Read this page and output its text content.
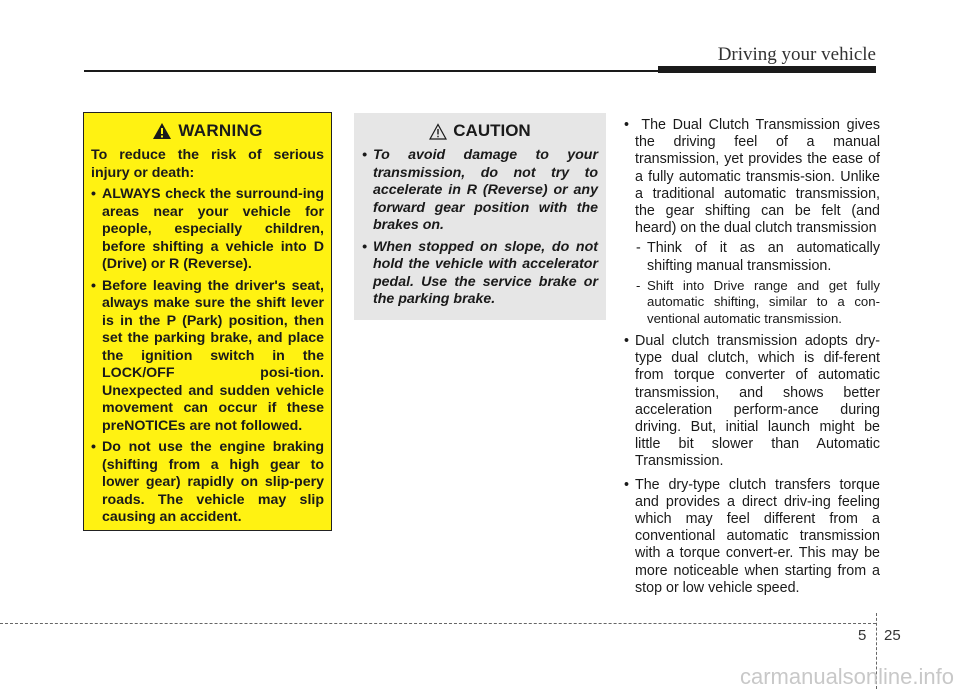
Driving your vehicle
WARNING

To reduce the risk of serious injury or death:

• ALWAYS check the surround-ing areas near your vehicle for people, especially children, before shifting a vehicle into D (Drive) or R (Reverse).
• Before leaving the driver's seat, always make sure the shift lever is in the P (Park) position, then set the parking brake, and place the ignition switch in the LOCK/OFF posi-tion. Unexpected and sudden vehicle movement can occur if these preNOTICEs are not followed.
• Do not use the engine braking (shifting from a high gear to lower gear) rapidly on slip-pery roads. The vehicle may slip causing an accident.
CAUTION
• To avoid damage to your transmission, do not try to accelerate in R (Reverse) or any forward gear position with the brakes on.
• When stopped on slope, do not hold the vehicle with accelerator pedal. Use the service brake or the parking brake.
• The Dual Clutch Transmission gives the driving feel of a manual transmission, yet provides the ease of a fully automatic transmis-sion. Unlike a traditional automatic transmission, the gear shifting can be felt (and heard) on the dual clutch transmission
- Think of it as an automatically shifting manual transmission.
- Shift into Drive range and get fully automatic shifting, similar to a con-ventional automatic transmission.
• Dual clutch transmission adopts dry-type dual clutch, which is dif-ferent from torque converter of automatic transmission, and shows better acceleration perform-ance during driving. But, initial launch might be little bit slower than Automatic Transmission.
• The dry-type clutch transfers torque and provides a direct driv-ing feeling which may feel different from a conventional automatic transmission with a torque convert-er. This may be more noticeable when starting from a stop or low vehicle speed.
5 25
carmanualsonline.info
